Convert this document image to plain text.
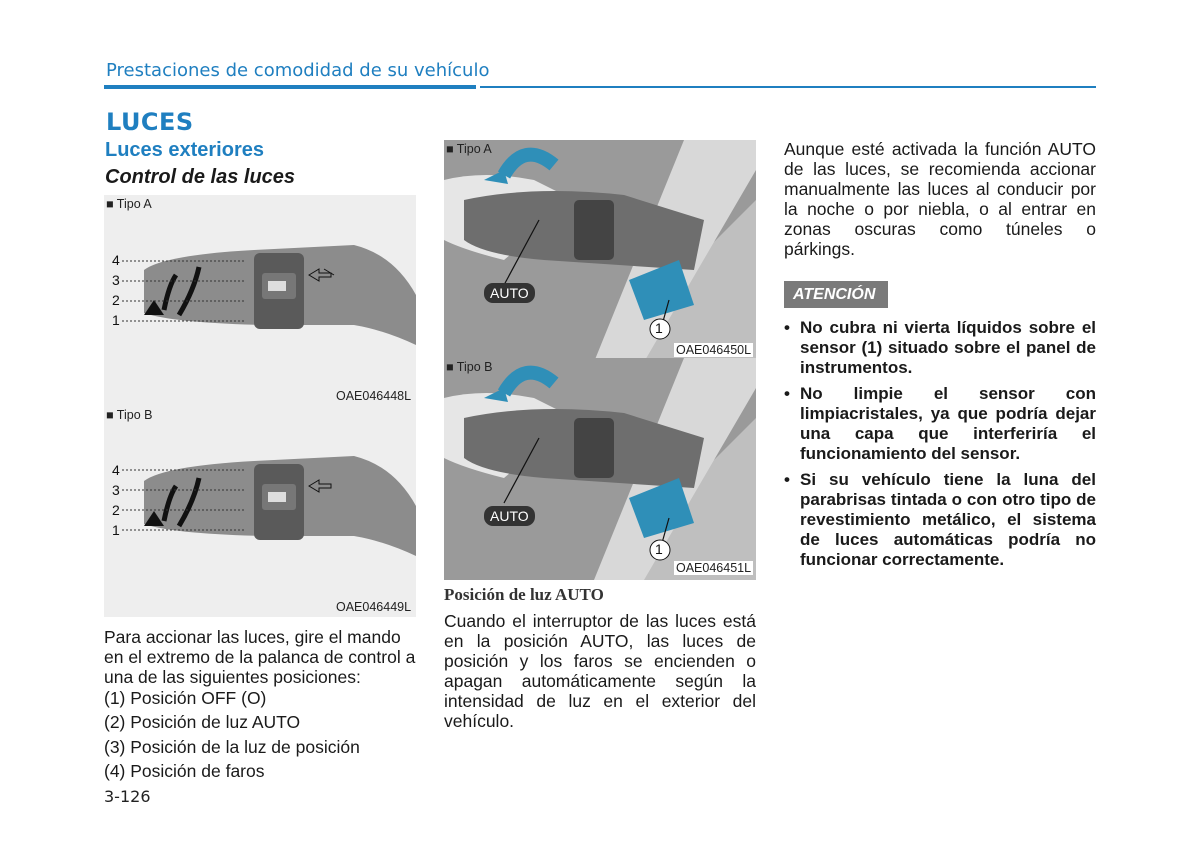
Prestaciones de comodidad de su vehículo
LUCES
Luces exteriores
Control de las luces
■ Tipo A
4
3
2
1
OAE046448L
■ Tipo B
4
3
2
1
OAE046449L
Para accionar las luces, gire el mando en el extremo de la palanca de control a una de las siguientes posiciones:
(1) Posición OFF (O)
(2) Posición de luz AUTO
(3) Posición de la luz de posición
(4) Posición de faros
3-126
■ Tipo A
AUTO
1
OAE046450L
■ Tipo B
AUTO
1
OAE046451L
Posición de luz AUTO
Cuando el interruptor de las luces está en la posición AUTO, las luces de posición y los faros se encienden o apagan automáticamente según la intensidad de luz en el exterior del vehículo.
Aunque esté activada la función AUTO de las luces, se recomienda accionar manualmente las luces al conducir por la noche o por niebla, o al entrar en zonas oscuras como túneles o párkings.
ATENCIÓN
• No cubra ni vierta líquidos sobre el sensor (1) situado sobre el panel de instrumentos.
• No limpie el sensor con limpiacristales, ya que podría dejar una capa que interferiría el funcionamiento del sensor.
• Si su vehículo tiene la luna del parabrisas tintada o con otro tipo de revestimiento metálico, el sistema de luces automáticas podría no funcionar correctamente.
